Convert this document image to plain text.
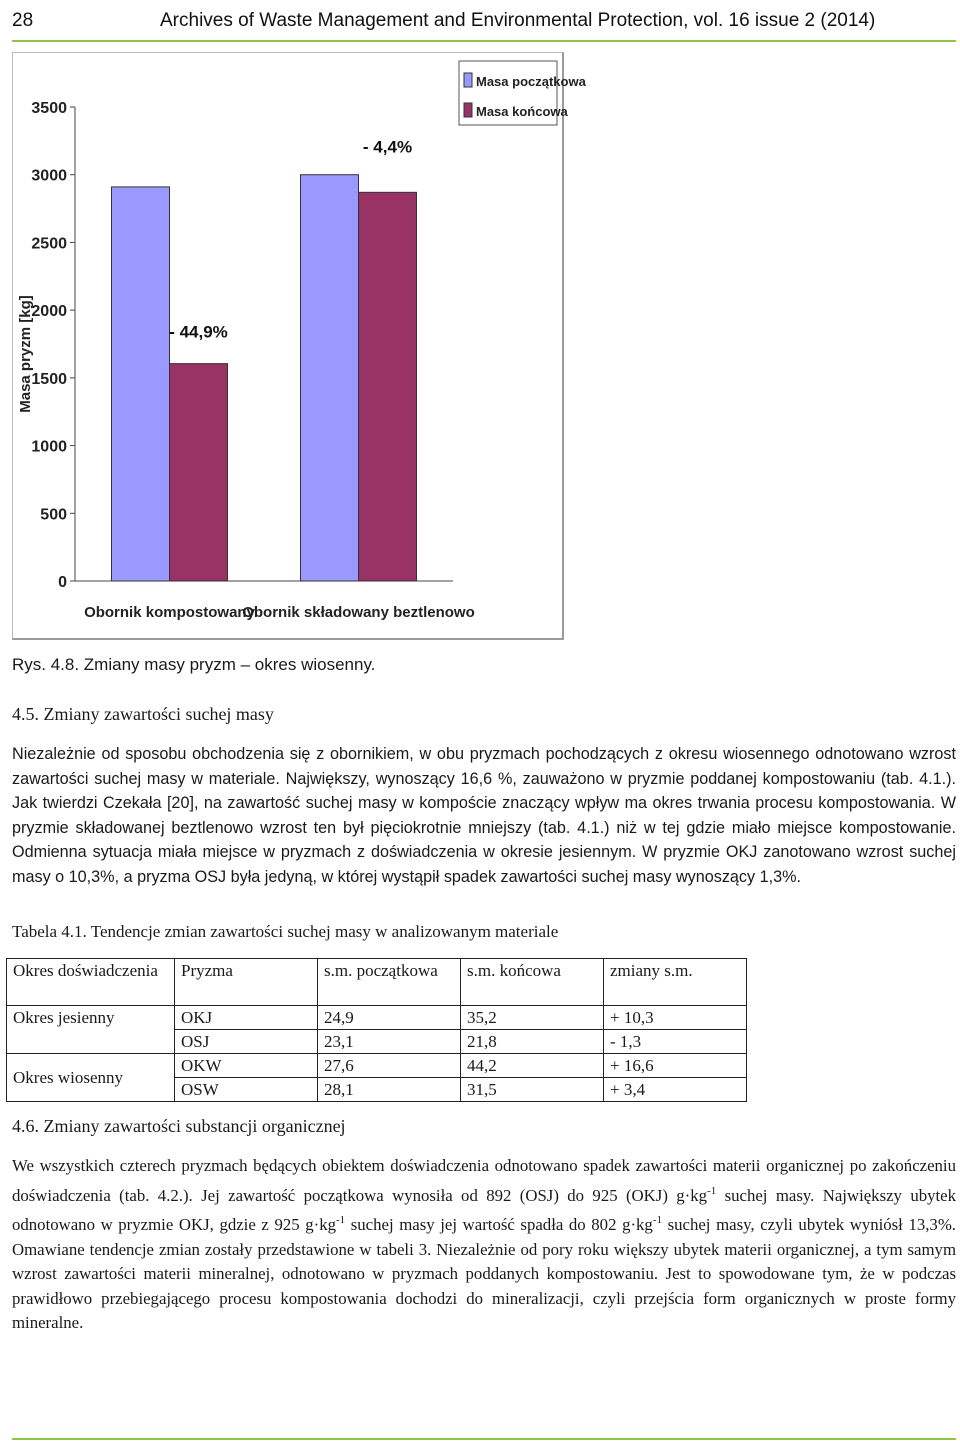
28	Archives of Waste Management and Environmental Protection, vol. 16 issue 2 (2014)
0
500
1000
1500
2000
2500
3000
3500
Masa pryzm [kg]
Obornik kompostowany
- 44,9%
Obornik składowany beztlenowo
- 4,4%
Masa początkowa
Masa końcowa
Rys. 4.8. Zmiany masy pryzm – okres wiosenny.
4.5. Zmiany zawartości suchej masy

Niezależnie od sposobu obchodzenia się z obornikiem, w obu pryzmach pochodzących z okresu wiosennego odnotowano wzrost zawartości suchej masy w materiale. Największy, wynoszący 16,6 %, zauważono w pryzmie poddanej kompostowaniu (tab. 4.1.). Jak twierdzi Czekała [20], na zawartość suchej masy w kompoście znaczący wpływ ma okres trwania procesu kompostowania. W pryzmie składowanej beztlenowo wzrost ten był pięciokrotnie mniejszy (tab. 4.1.) niż w tej gdzie miało miejsce kompostowanie. Odmienna sytuacja miała miejsce w pryzmach z doświadczenia w okresie jesiennym. W pryzmie OKJ zanotowano wzrost suchej masy o 10,3%, a pryzma OSJ była jedyną, w której wystąpił spadek zawartości suchej masy wynoszący 1,3%.

Tabela 4.1. Tendencje zmian zawartości suchej masy w analizowanym materiale
Okres doświadczenia	Pryzma	s.m. początkowa	s.m. końcowa	zmiany s.m.
Okres jesienny	OKJ	24,9	35,2	+ 10,3
	OSJ	23,1	21,8	- 1,3
Okres wiosenny	OKW	27,6	44,2	+ 16,6
	OSW	28,1	31,5	+ 3,4
4.6. Zmiany zawartości substancji organicznej

We wszystkich czterech pryzmach będących obiektem doświadczenia odnotowano spadek zawartości materii organicznej po zakończeniu doświadczenia (tab. 4.2.). Jej zawartość początkowa wynosiła od 892 (OSJ) do 925 (OKJ) $g\cdot kg^{-1}$ suchej masy. Największy ubytek odnotowano w pryzmie OKJ, gdzie z 925 $g\cdot kg^{-1}$ suchej masy jej wartość spadła do 802 $g\cdot kg^{-1}$ suchej masy, czyli ubytek wyniósł 13,3%. Omawiane tendencje zmian zostały przedstawione w tabeli 3. Niezależnie od pory roku większy ubytek materii organicznej, a tym samym wzrost zawartości materii mineralnej, odnotowano w pryzmach poddanych kompostowaniu. Jest to spowodowane tym, że w podczas prawidłowo przebiegającego procesu kompostowania dochodzi do mineralizacji, czyli przejścia form organicznych w proste formy mineralne.
